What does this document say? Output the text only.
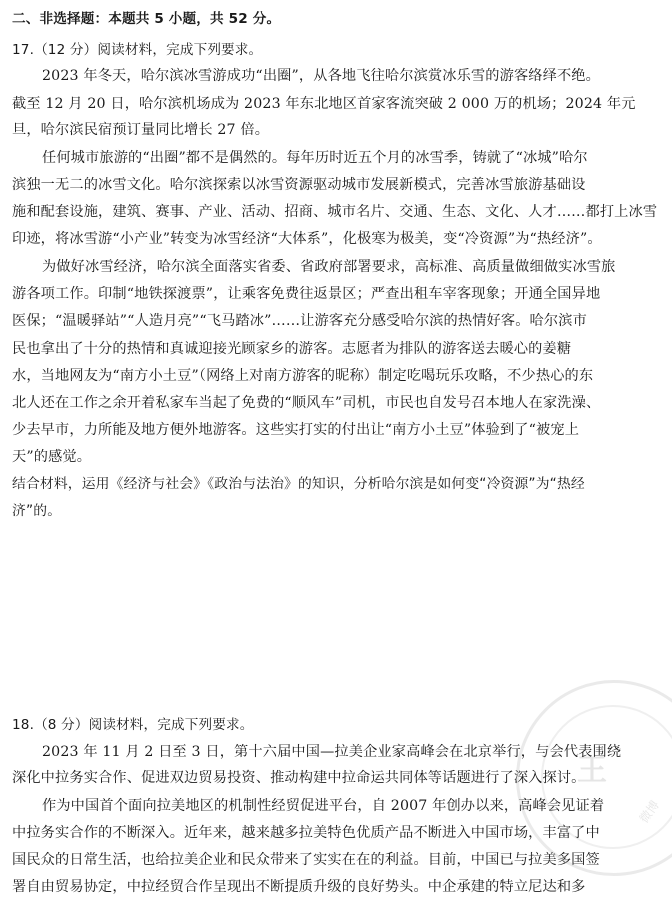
二、非选择题：本题共 5 小题，共 52 分。
17.（12 分）阅读材料，完成下列要求。
2023 年冬天，哈尔滨冰雪游成功“出圈”，从各地飞往哈尔滨赏冰乐雪的游客络绎不绝。
截至 12 月 20 日，哈尔滨机场成为 2023 年东北地区首家客流突破 2 000 万的机场；2024 年元
旦，哈尔滨民宿预订量同比增长 27 倍。
任何城市旅游的“出圈”都不是偶然的。每年历时近五个月的冰雪季，铸就了“冰城”哈尔
滨独一无二的冰雪文化。哈尔滨探索以冰雪资源驱动城市发展新模式，完善冰雪旅游基础设
施和配套设施，建筑、赛事、产业、活动、招商、城市名片、交通、生态、文化、人才……都打上冰雪
印迹，将冰雪游“小产业”转变为冰雪经济“大体系”，化极寒为极美，变“冷资源”为“热经济”。
为做好冰雪经济，哈尔滨全面落实省委、省政府部署要求，高标准、高质量做细做实冰雪旅
游各项工作。印制“地铁探渡票”，让乘客免费往返景区；严查出租车宰客现象；开通全国异地
医保；“温暖驿站”“人造月亮”“飞马踏冰”……让游客充分感受哈尔滨的热情好客。哈尔滨市
民也拿出了十分的热情和真诚迎接光顾家乡的游客。志愿者为排队的游客送去暖心的姜糖
水，当地网友为“南方小土豆”（网络上对南方游客的昵称）制定吃喝玩乐攻略，不少热心的东
北人还在工作之余开着私家车当起了免费的“顺风车”司机，市民也自发号召本地人在家洗澡、
少去早市，力所能及地方便外地游客。这些实打实的付出让“南方小土豆”体验到了“被宠上
天”的感觉。
结合材料，运用《经济与社会》《政治与法治》的知识，分析哈尔滨是如何变“冷资源”为“热经
济”的。
18.（8 分）阅读材料，完成下列要求。
2023 年 11 月 2 日至 3 日，第十六届中国—拉美企业家高峰会在北京举行，与会代表围绕
深化中拉务实合作、促进双边贸易投资、推动构建中拉命运共同体等话题进行了深入探讨。
作为中国首个面向拉美地区的机制性经贸促进平台，自 2007 年创办以来，高峰会见证着
中拉务实合作的不断深入。近年来，越来越多拉美特色优质产品不断进入中国市场，丰富了中
国民众的日常生活，也给拉美企业和民众带来了实实在在的利益。目前，中国已与拉美多国签
署自由贸易协定，中拉经贸合作呈现出不断提质升级的良好势头。中企承建的特立尼达和多
王
微博
